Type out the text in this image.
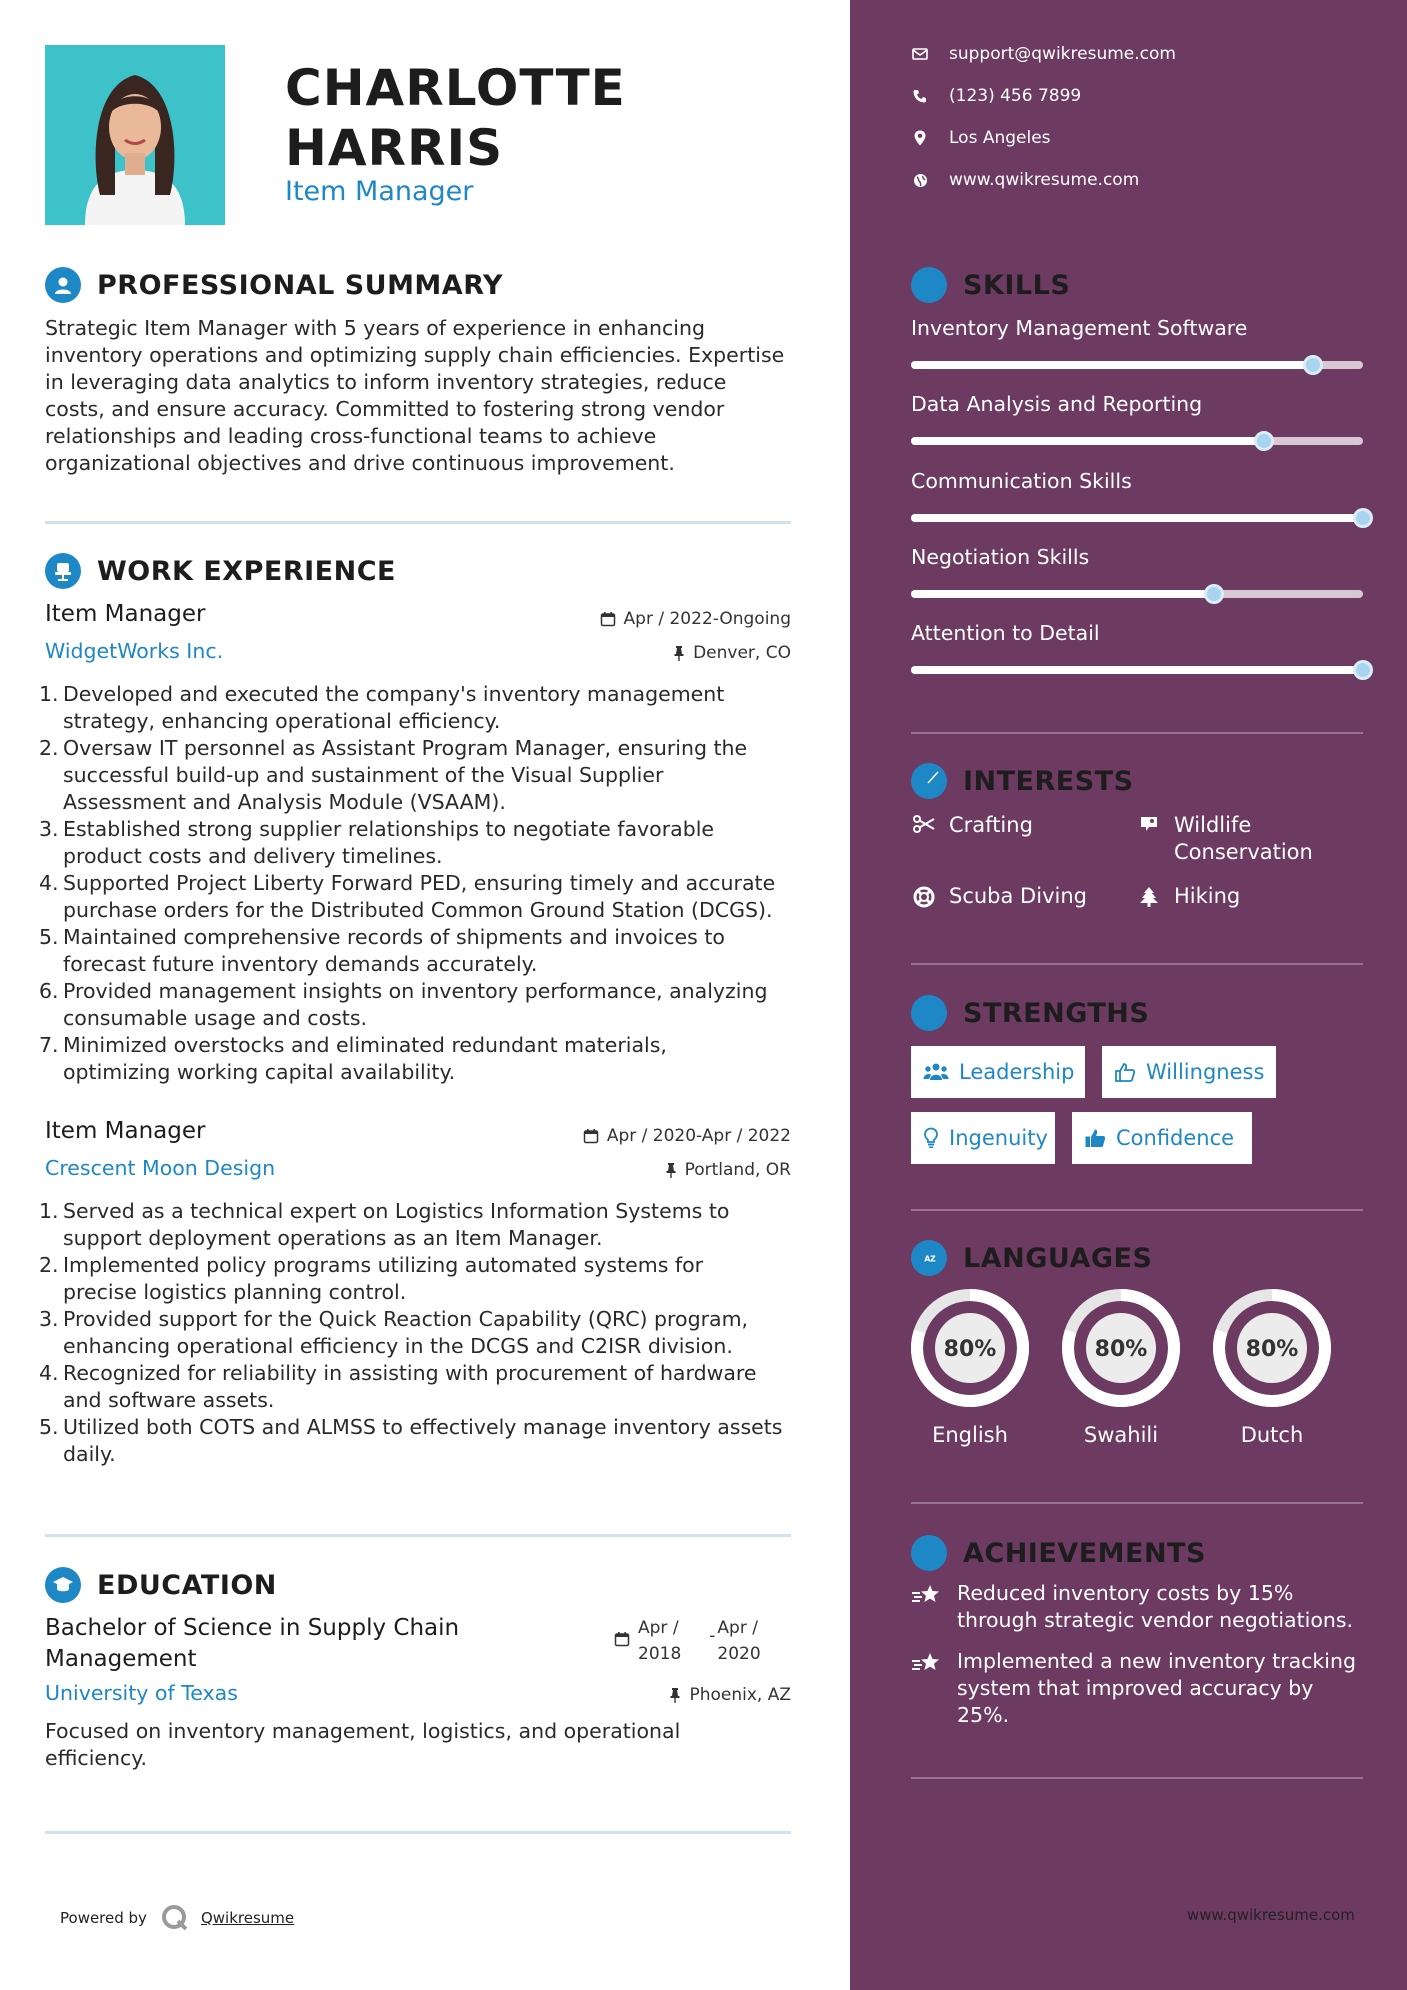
CHARLOTTE
HARRIS
Item Manager
PROFESSIONAL SUMMARY
Strategic Item Manager with 5 years of experience in enhancing
inventory operations and optimizing supply chain efficiencies. Expertise
in leveraging data analytics to inform inventory strategies, reduce
costs, and ensure accuracy. Committed to fostering strong vendor
relationships and leading cross-functional teams to achieve
organizational objectives and drive continuous improvement.
WORK EXPERIENCE
Item Manager	Apr / 2022-Ongoing
WidgetWorks Inc.	Denver, CO
1. Developed and executed the company's inventory management
strategy, enhancing operational efficiency.
2. Oversaw IT personnel as Assistant Program Manager, ensuring the
successful build-up and sustainment of the Visual Supplier
Assessment and Analysis Module (VSAAM).
3. Established strong supplier relationships to negotiate favorable
product costs and delivery timelines.
4. Supported Project Liberty Forward PED, ensuring timely and accurate
purchase orders for the Distributed Common Ground Station (DCGS).
5. Maintained comprehensive records of shipments and invoices to
forecast future inventory demands accurately.
6. Provided management insights on inventory performance, analyzing
consumable usage and costs.
7. Minimized overstocks and eliminated redundant materials,
optimizing working capital availability.
Item Manager	Apr / 2020-Apr / 2022
Crescent Moon Design	Portland, OR
1. Served as a technical expert on Logistics Information Systems to
support deployment operations as an Item Manager.
2. Implemented policy programs utilizing automated systems for
precise logistics planning control.
3. Provided support for the Quick Reaction Capability (QRC) program,
enhancing operational efficiency in the DCGS and C2ISR division.
4. Recognized for reliability in assisting with procurement of hardware
and software assets.
5. Utilized both COTS and ALMSS to effectively manage inventory assets
daily.
EDUCATION
Bachelor of Science in Supply Chain
Management
Apr /
2018
- Apr /
2020
University of Texas	Phoenix, AZ
Focused on inventory management, logistics, and operational
efficiency.
Powered by	Qwikresume
support@qwikresume.com
(123) 456 7899
Los Angeles
www.qwikresume.com
SKILLS
Inventory Management Software
Data Analysis and Reporting
Communication Skills
Negotiation Skills
Attention to Detail
INTERESTS
Crafting	Wildlife
Conservation
Scuba Diving	Hiking
STRENGTHS
Leadership	Willingness
Ingenuity	Confidence
A Z LANGUAGES
80%
English
80%
Swahili
80%
Dutch
ACHIEVEMENTS
Reduced inventory costs by 15%
through strategic vendor negotiations.
Implemented a new inventory tracking
system that improved accuracy by
25%.
www.qwikresume.com
